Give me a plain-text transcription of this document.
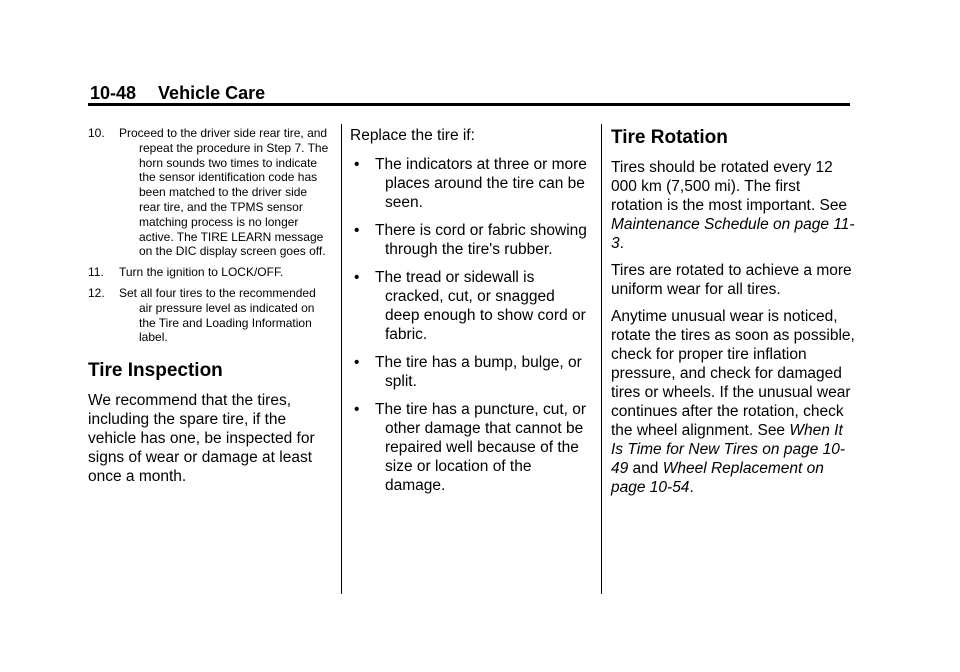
10-48 Vehicle Care
10. Proceed to the driver side rear tire, and repeat the procedure in Step 7. The horn sounds two times to indicate the sensor identification code has been matched to the driver side rear tire, and the TPMS sensor matching process is no longer active. The TIRE LEARN message on the DIC display screen goes off.
11. Turn the ignition to LOCK/OFF.
12. Set all four tires to the recommended air pressure level as indicated on the Tire and Loading Information label.
Tire Inspection

We recommend that the tires, including the spare tire, if the vehicle has one, be inspected for signs of wear or damage at least once a month.

Replace the tire if:

• The indicators at three or more places around the tire can be seen.
• There is cord or fabric showing through the tire's rubber.
• The tread or sidewall is cracked, cut, or snagged deep enough to show cord or fabric.
• The tire has a bump, bulge, or split.
• The tire has a puncture, cut, or other damage that cannot be repaired well because of the size or location of the damage.
Tire Rotation

Tires should be rotated every 12 000 km (7,500 mi). The first rotation is the most important. See Maintenance Schedule on page 11-3.

Tires are rotated to achieve a more uniform wear for all tires.

Anytime unusual wear is noticed, rotate the tires as soon as possible, check for proper tire inflation pressure, and check for damaged tires or wheels. If the unusual wear continues after the rotation, check the wheel alignment. See When It Is Time for New Tires on page 10-49 and Wheel Replacement on page 10-54.
